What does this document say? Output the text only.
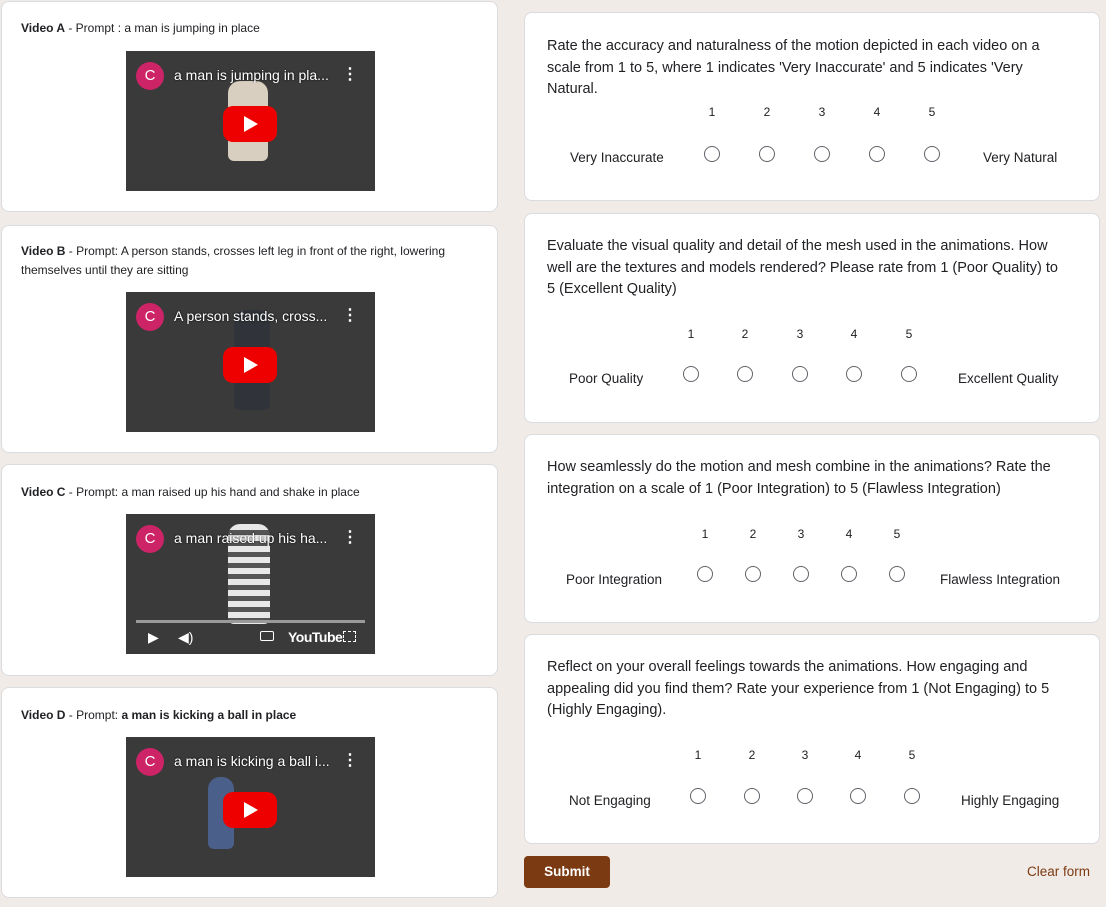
Video A - Prompt : a man is jumping in place
C	a man is jumping in pla... ⋮
Video B - Prompt: A person stands, crosses left leg in front of the right, lowering themselves until they are sitting
C	A person stands, cross... ⋮
Video C - Prompt: a man raised up his hand and shake in place
C	a man raised up his ha... ⋮
▶ ◀)	YouTube
Video D - Prompt: a man is kicking a ball in place
C	a man is kicking a ball i... ⋮
Rate the accuracy and naturalness of the motion depicted in each video on a scale from 1 to 5, where 1 indicates 'Very Inaccurate' and 5 indicates 'Very Natural.
1	2	3	4	5
Very Inaccurate	Very Natural
Evaluate the visual quality and detail of the mesh used in the animations. How well are the textures and models rendered? Please rate from 1 (Poor Quality) to 5 (Excellent Quality)
1	2	3	4	5
Poor Quality	Excellent Quality
How seamlessly do the motion and mesh combine in the animations? Rate the integration on a scale of 1 (Poor Integration) to 5 (Flawless Integration)
1	2	3	4	5
Poor Integration	Flawless Integration
Reflect on your overall feelings towards the animations. How engaging and appealing did you find them? Rate your experience from 1 (Not Engaging) to 5 (Highly Engaging).
1	2	3	4	5
Not Engaging	Highly Engaging
Submit	Clear form
